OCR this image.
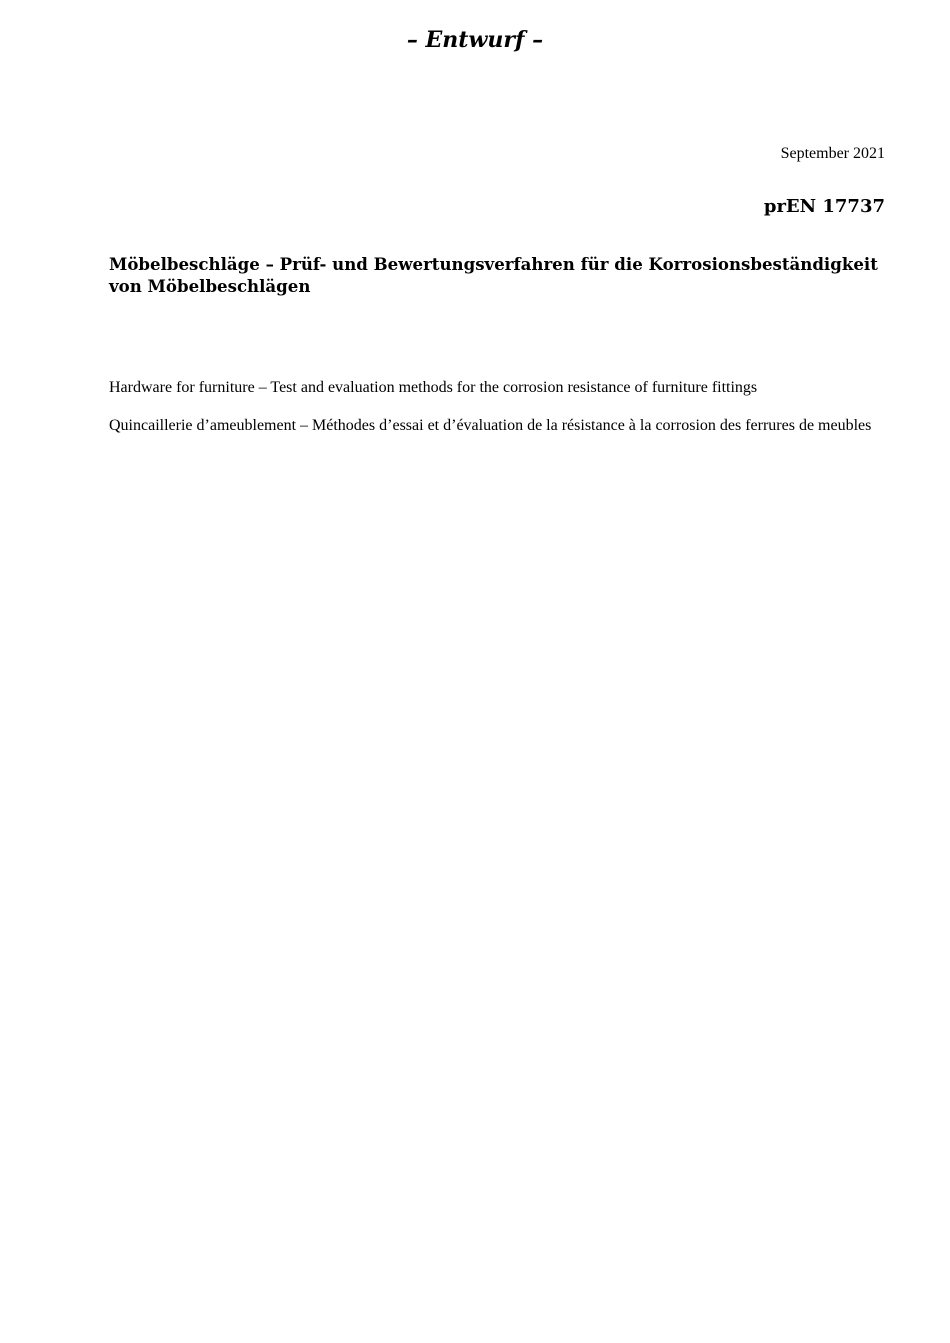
– Entwurf –
September 2021
prEN 17737
Möbelbeschläge – Prüf- und Bewertungsverfahren für die Korrosionsbeständigkeit von Möbelbeschlägen

Hardware for furniture – Test and evaluation methods for the corrosion resistance of furniture fittings

Quincaillerie d’ameublement – Méthodes d’essai et d’évaluation de la résistance à la corrosion des ferrures de meubles
